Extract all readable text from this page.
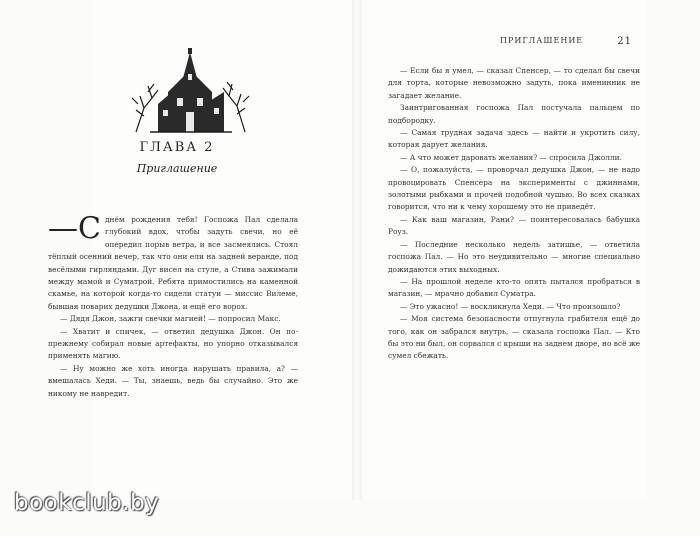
ПРИГЛАШЕНИЕ	21
ГЛАВА 2
Приглашение

—С днём рождения тебя! Госпожа Пал сделала глубокий вдох, чтобы задуть свечи, но её опередил порыв ветра, и все засмеялись. Стоял тёплый осенний вечер, так что они ели на задней веранде, под весёлыми гирляндами. Дуг висел на стуле, а Стива зажимали между мамой и Суматрой. Ребята примостились на каменной скамье, на которой когда-то сидели статуи — миссис Вилеме, бывшая поварих дедушки Джона, и ещё его ворох.

— Дядя Джон, зажги свечки магией! — попросил Макс.

— Хватит и спичек, — ответил дедушка Джон. Он по-прежнему собирал новые артефакты, но упорно отказывался применять магию.

— Ну можно же хоть иногда нарушать правила, а? — вмешалась Хеди. — Ты, знаешь, ведь бы случайно. Это же никому не навредит.

— Если бы я умел, — сказал Спенсер, — то сделал бы свечи для торта, которые невозможно задуть, пока именинник не загадает желание.

Заинтригованная госпожа Пал постучала пальцем по подбородку.

— Самая трудная задача здесь — найти и укротить силу, которая дарует желания.

— А что может даровать желания? — спросила Джолли.

— О, пожалуйста, — проворчал дедушка Джон, — не надо провоцировать Спенсера на эксперименты с джиннами, золотыми рыбками и прочей подобной чушью. Во всех сказках говорится, что ни к чему хорошему это не приведёт.

— Как ваш магазин, Рани? — поинтересовалась бабушка Роуз.

— Последние несколько недель затишье, — ответила госпожа Пал. — Но это неудивительно — многие специально дожидаются этих выходных.

— На прошлой неделе кто-то опять пытался пробраться в магазин, — мрачно добавил Суматра.

— Это ужасно! — воскликнула Хеди. — Что произошло?

— Моя система безопасности отпугнула грабителя ещё до того, как он забрался внутрь, — сказала госпожа Пал. — Кто бы это ни был, он сорвался с крыши на заднем дворе, но всё же сумел сбежать.

bookclub.by
